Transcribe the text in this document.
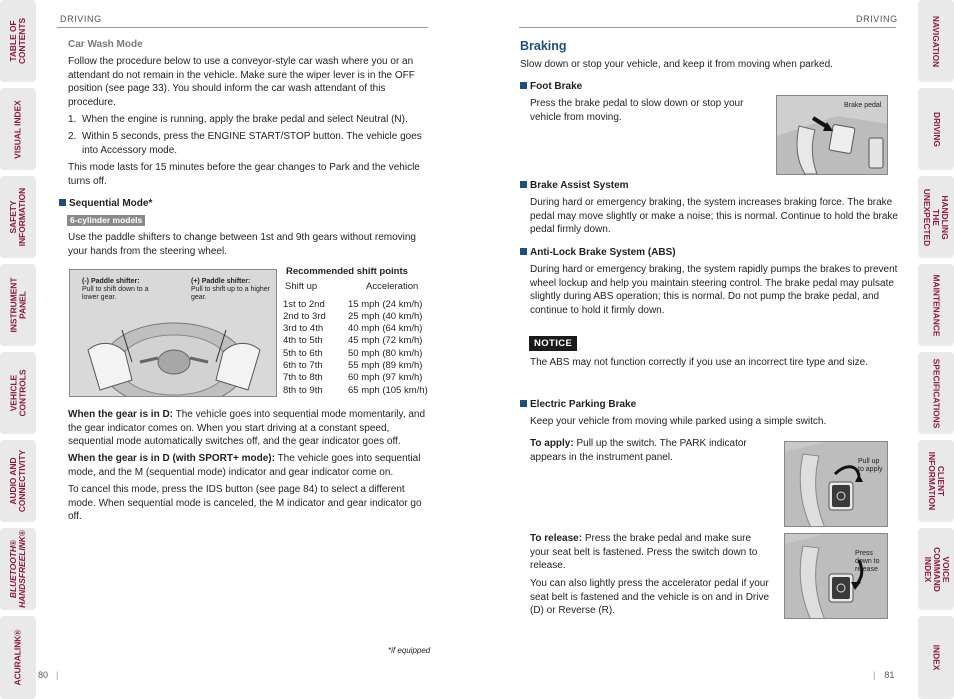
TABLE OF CONTENTS
VISUAL INDEX
SAFETY INFORMATION
INSTRUMENT PANEL
VEHICLE CONTROLS
AUDIO AND CONNECTIVITY
BLUETOOTH® HANDSFREELINK®
ACURALINK®
NAVIGATION
DRIVING
HANDLING THE UNEXPECTED
MAINTENANCE
SPECIFICATIONS
CLIENT INFORMATION
VOICE COMMAND INDEX
INDEX
DRIVING
Car Wash Mode
Follow the procedure below to use a conveyor-style car wash where you or an attendant do not remain in the vehicle. Make sure the wiper lever is in the OFF position (see page 33). You should inform the car wash attendant of this procedure.
1. When the engine is running, apply the brake pedal and select Neutral (N).
2. Within 5 seconds, press the ENGINE START/STOP button. The vehicle goes into Accessory mode.
This mode lasts for 15 minutes before the gear changes to Park and the vehicle turns off.
Sequential Mode*
6-cylinder models
Use the paddle shifters to change between 1st and 9th gears without removing your hands from the steering wheel.
(-) Paddle shifter:
Pull to shift down to a lower gear.
(+) Paddle shifter:
Pull to shift up to a higher gear.
Recommended shift points
Shift up	Acceleration
1st to 2nd	15 mph (24 km/h)
2nd to 3rd	25 mph (40 km/h)
3rd to 4th	40 mph (64 km/h)
4th to 5th	45 mph (72 km/h)
5th to 6th	50 mph (80 km/h)
6th to 7th	55 mph (89 km/h)
7th to 8th	60 mph (97 km/h)
8th to 9th	65 mph (105 km/h)
When the gear is in D: The vehicle goes into sequential mode momentarily, and the gear indicator comes on. When you start driving at a constant speed, sequential mode automatically switches off, and the gear indicator goes off.
When the gear is in D (with SPORT+ mode): The vehicle goes into sequential mode, and the M (sequential mode) indicator and gear indicator come on.
To cancel this mode, press the IDS button (see page 84) to select a different mode. When sequential mode is canceled, the M indicator and gear indicator go off.
*if equipped
80 |
DRIVING
Braking
Slow down or stop your vehicle, and keep it from moving when parked.
Foot Brake
Press the brake pedal to slow down or stop your vehicle from moving.
Brake pedal
Brake Assist System
During hard or emergency braking, the system increases braking force. The brake pedal may move slightly or make a noise; this is normal. Continue to hold the brake pedal firmly down.
Anti-Lock Brake System (ABS)
During hard or emergency braking, the system rapidly pumps the brakes to prevent wheel lockup and help you maintain steering control. The brake pedal may pulsate slightly during ABS operation; this is normal. Do not pump the brake pedal, and continue to hold it firmly down.
NOTICE
The ABS may not function correctly if you use an incorrect tire type and size.
Electric Parking Brake
Keep your vehicle from moving while parked using a simple switch.
To apply: Pull up the switch. The PARK indicator appears in the instrument panel.	Pull up to apply
To release: Press the brake pedal and make sure your seat belt is fastened. Press the switch down to release.
You can also lightly press the accelerator pedal if your seat belt is fastened and the vehicle is on and in Drive (D) or Reverse (R).
Press down to release
| 81
